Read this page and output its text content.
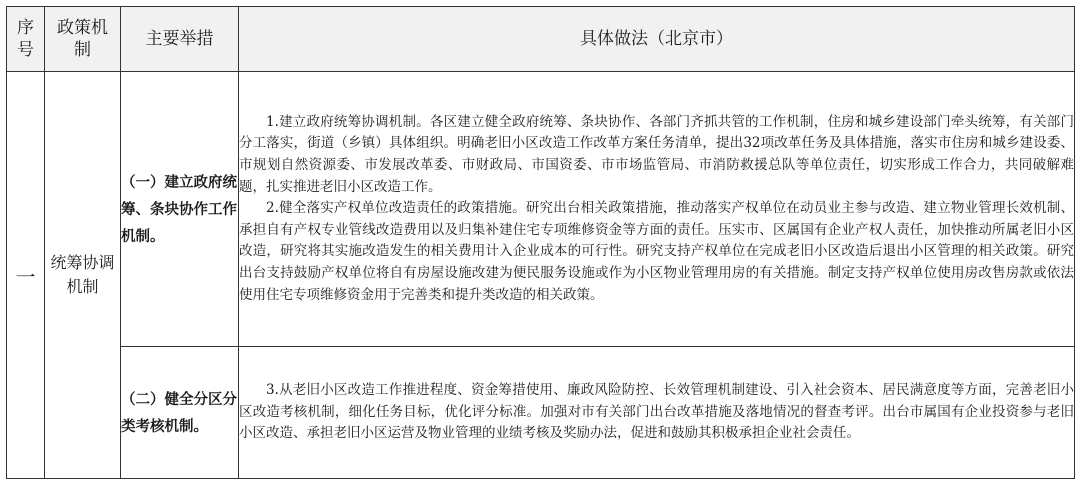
序号	政策机制	主要举措	具体做法（北京市）

一	统筹协调机制	（一）建立政府统筹、条块协作工作机制。	1.建立政府统筹协调机制。各区建立健全政府统筹、条块协作、各部门齐抓共管的工作机制，住房和城乡建设部门牵头统筹，有关部门分工落实，街道（乡镇）具体组织。明确老旧小区改造工作改革方案任务清单，提出32项改革任务及具体措施，落实市住房和城乡建设委、市规划自然资源委、市发展改革委、市财政局、市国资委、市市场监管局、市消防救援总队等单位责任，切实形成工作合力，共同破解难题，扎实推进老旧小区改造工作。

2.健全落实产权单位改造责任的政策措施。研究出台相关政策措施，推动落实产权单位在动员业主参与改造、建立物业管理长效机制、承担自有产权专业管线改造费用以及归集补建住宅专项维修资金等方面的责任。压实市、区属国有企业产权人责任，加快推动所属老旧小区改造，研究将其实施改造发生的相关费用计入企业成本的可行性。研究支持产权单位在完成老旧小区改造后退出小区管理的相关政策。研究出台支持鼓励产权单位将自有房屋设施改建为便民服务设施或作为小区物业管理用房的有关措施。制定支持产权单位使用房改售房款或依法使用住宅专项维修资金用于完善类和提升类改造的相关政策。

		（二）健全分区分类考核机制。	3.从老旧小区改造工作推进程度、资金筹措使用、廉政风险防控、长效管理机制建设、引入社会资本、居民满意度等方面，完善老旧小区改造考核机制，细化任务目标，优化评分标准。加强对市有关部门出台改革措施及落地情况的督查考评。出台市属国有企业投资参与老旧小区改造、承担老旧小区运营及物业管理的业绩考核及奖励办法，促进和鼓励其积极承担企业社会责任。
